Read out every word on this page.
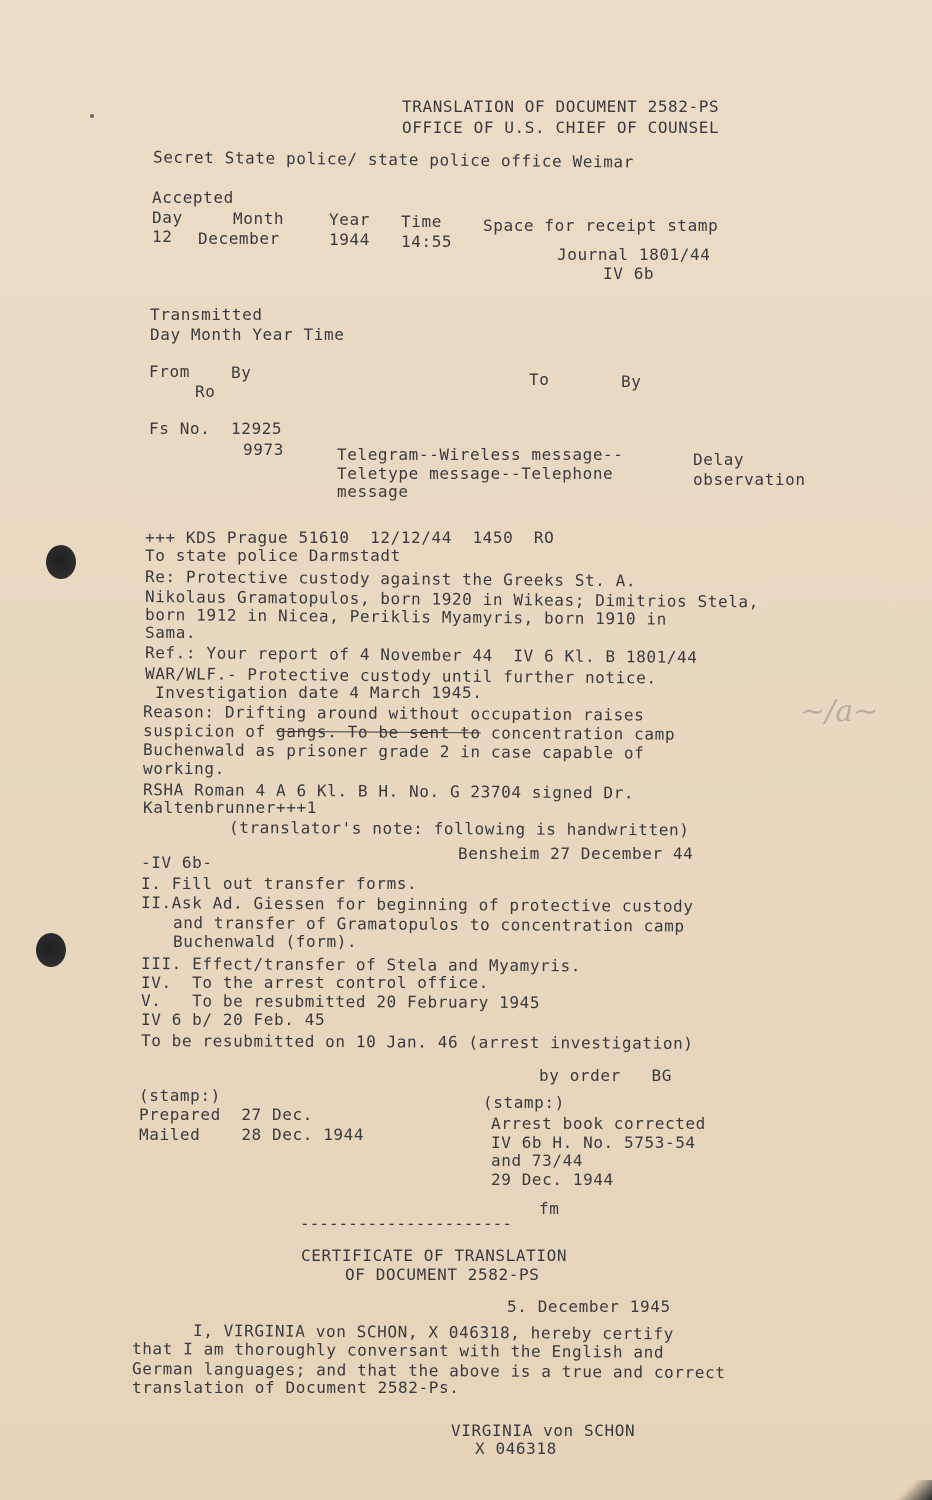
TRANSLATION OF DOCUMENT 2582-PS
OFFICE OF U.S. CHIEF OF COUNSEL
Secret State police/ state police office Weimar
Accepted
Day	Month	Year Time
12 December	1944 14:55
Space for receipt stamp
Journal 1801/44
IV 6b
Transmitted
Day Month Year Time
From	By
Ro
To	By
Fs No. 12925
9973	Telegram--Wireless message--
Teletype message--Telephone
message
Delay
observation
+++ KDS Prague 51610  12/12/44  1450  RO
To state police Darmstadt
Re: Protective custody against the Greeks St. A.
Nikolaus Gramatopulos, born 1920 in Wikeas; Dimitrios Stela,
born 1912 in Nicea, Periklis Myamyris, born 1910 in
Sama.
Ref.: Your report of 4 November 44  IV 6 Kl. B 1801/44
WAR/WLF.- Protective custody until further notice.
Investigation date 4 March 1945.
Reason: Drifting around without occupation raises
suspicion of gangs. To be sent to concentration camp
Buchenwald as prisoner grade 2 in case capable of
working.
RSHA Roman 4 A 6 Kl. B H. No. G 23704 signed Dr.
Kaltenbrunner+++1
(translator's note: following is handwritten)
-IV 6b-	Bensheim 27 December 44
~/a~
I. Fill out transfer forms.
II.Ask Ad. Giessen for beginning of protective custody
and transfer of Gramatopulos to concentration camp
Buchenwald (form).
III. Effect/transfer of Stela and Myamyris.
IV.  To the arrest control office.
V.   To be resubmitted 20 February 1945
IV 6 b/ 20 Feb. 45
To be resubmitted on 10 Jan. 46 (arrest investigation)
by order   BG
(stamp:)
Prepared  27 Dec.
Mailed    28 Dec. 1944
(stamp:)
Arrest book corrected
IV 6b H. No. 5753-54
and 73/44
29 Dec. 1944
fm
----------------------
CERTIFICATE OF TRANSLATION
OF DOCUMENT 2582-PS
5. December 1945
I, VIRGINIA von SCHON, X 046318, hereby certify
that I am thoroughly conversant with the English and
German languages; and that the above is a true and correct
translation of Document 2582-Ps.
VIRGINIA von SCHON
X 046318
